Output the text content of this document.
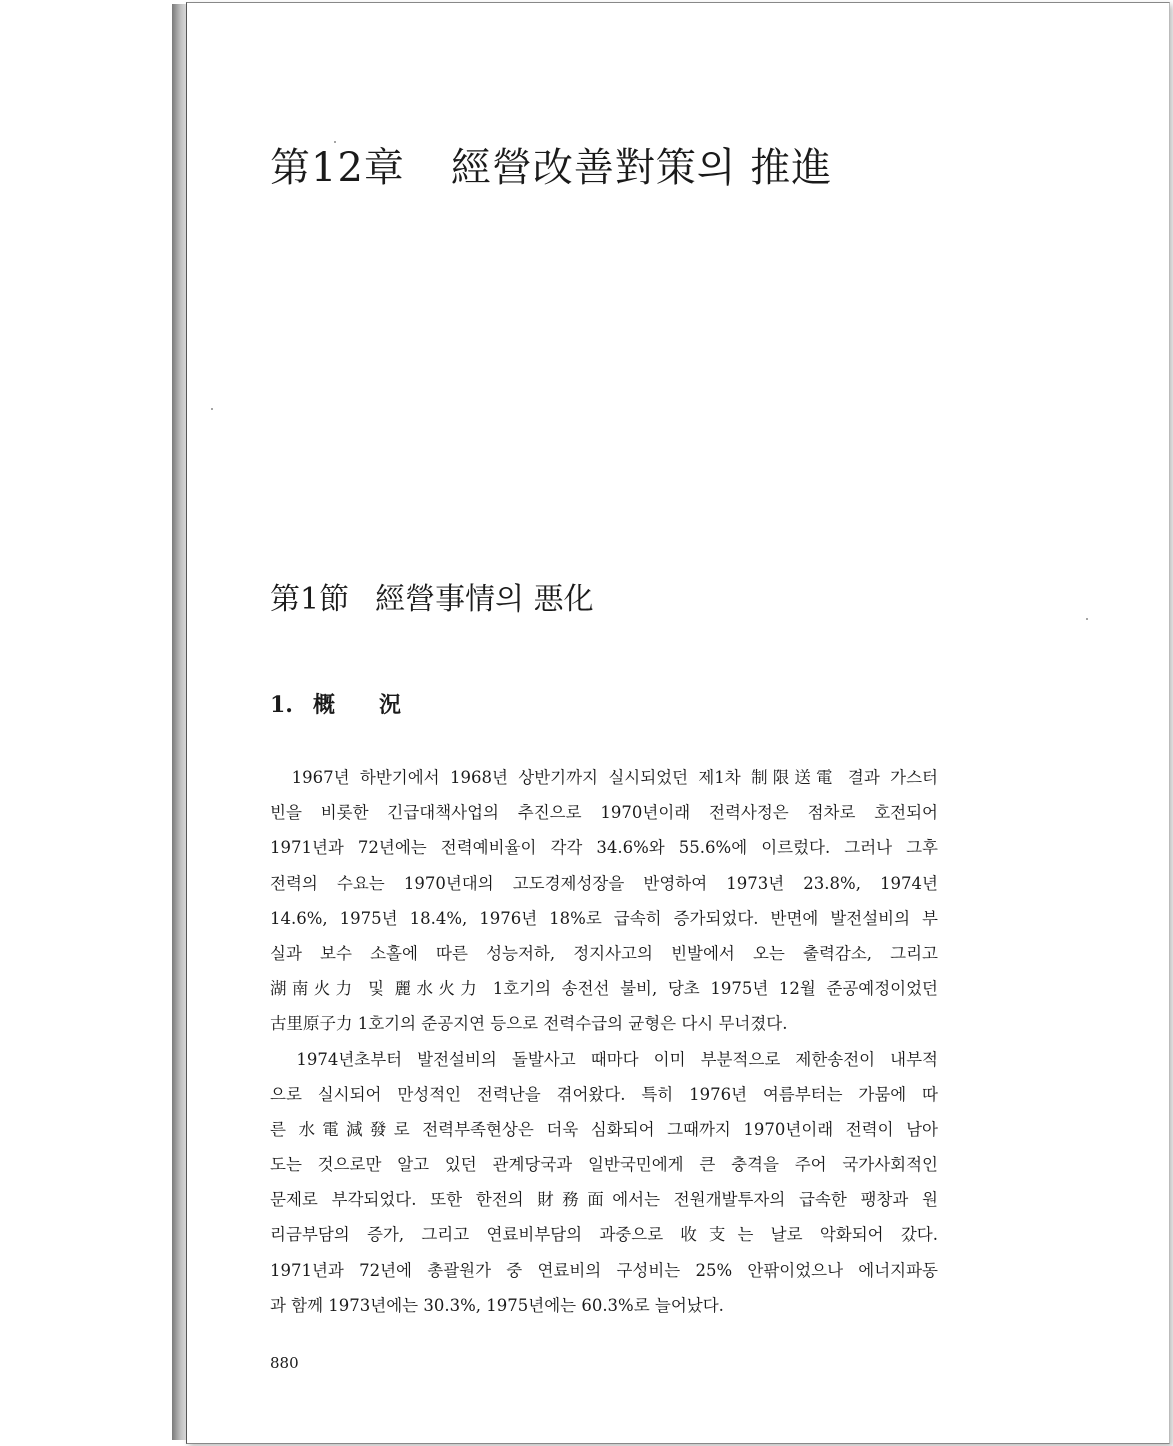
第12章 經營改善對策의 推進
第1節 經營事情의 悪化
1. 概 況
　1967년 하반기에서 1968년 상반기까지 실시되었던 제1차 制限送電 결과 가스터
빈을 비롯한 긴급대책사업의 추진으로 1970년이래 전력사정은 점차로 호전되어
1971년과 72년에는 전력예비율이 각각 34.6%와 55.6%에 이르렀다. 그러나 그후
전력의 수요는 1970년대의 고도경제성장을 반영하여 1973년 23.8%, 1974년
14.6%, 1975년 18.4%, 1976년 18%로 급속히 증가되었다. 반면에 발전설비의 부
실과 보수 소홀에 따른 성능저하, 정지사고의 빈발에서 오는 출력감소, 그리고
湖南火力 및 麗水火力 1호기의 송전선 불비, 당초 1975년 12월 준공예정이었던
古里原子力 1호기의 준공지연 등으로 전력수급의 균형은 다시 무너졌다.
　1974년초부터 발전설비의 돌발사고 때마다 이미 부분적으로 제한송전이 내부적
으로 실시되어 만성적인 전력난을 겪어왔다. 특히 1976년 여름부터는 가뭄에 따
른 水電減發로 전력부족현상은 더욱 심화되어 그때까지 1970년이래 전력이 남아
도는 것으로만 알고 있던 관계당국과 일반국민에게 큰 충격을 주어 국가사회적인
문제로 부각되었다. 또한 한전의 財務面에서는 전원개발투자의 급속한 팽창과 원
리금부담의 증가, 그리고 연료비부담의 과중으로 收支는 날로 악화되어 갔다.
1971년과 72년에 총괄원가 중 연료비의 구성비는 25% 안팎이었으나 에너지파동
과 함께 1973년에는 30.3%, 1975년에는 60.3%로 늘어났다.
880
